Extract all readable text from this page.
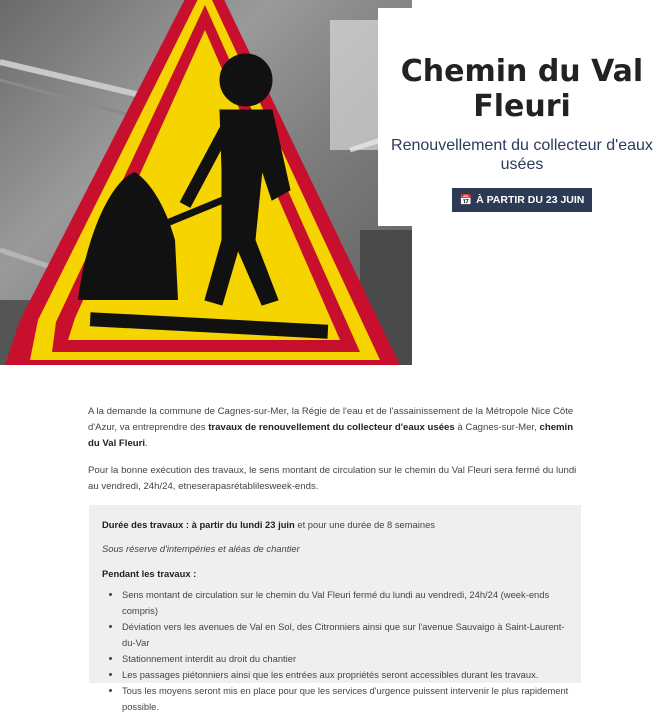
Chemin du Val Fleuri
Renouvellement du collecteur d'eaux usées
📅 À PARTIR DU 23 JUIN

A la demande la commune de Cagnes-sur-Mer, la Régie de l'eau et de l'assainissement de la Métropole Nice Côte d'Azur, va entreprendre des travaux de renouvellement du collecteur d'eaux usées à Cagnes-sur-Mer, chemin du Val Fleuri.

Pour la bonne exécution des travaux, le sens montant de circulation sur le chemin du Val Fleuri sera fermé du lundi au vendredi, 24h/24, etneserapasrétablilesweek-ends.

Durée des travaux : à partir du lundi 23 juin et pour une durée de 8 semaines
Sous réserve d'intempéries et aléas de chantier
Pendant les travaux :
• Sens montant de circulation sur le chemin du Val Fleuri fermé du lundi au vendredi, 24h/24 (week-ends compris)
• Déviation vers les avenues de Val en Sol, des Citronniers ainsi que sur l'avenue Sauvaigo à Saint-Laurent-du-Var
• Stationnement interdit au droit du chantier
• Les passages piétonniers ainsi que les entrées aux propriétés seront accessibles durant les travaux.
• Tous les moyens seront mis en place pour que les services d'urgence puissent intervenir le plus rapidement possible.
